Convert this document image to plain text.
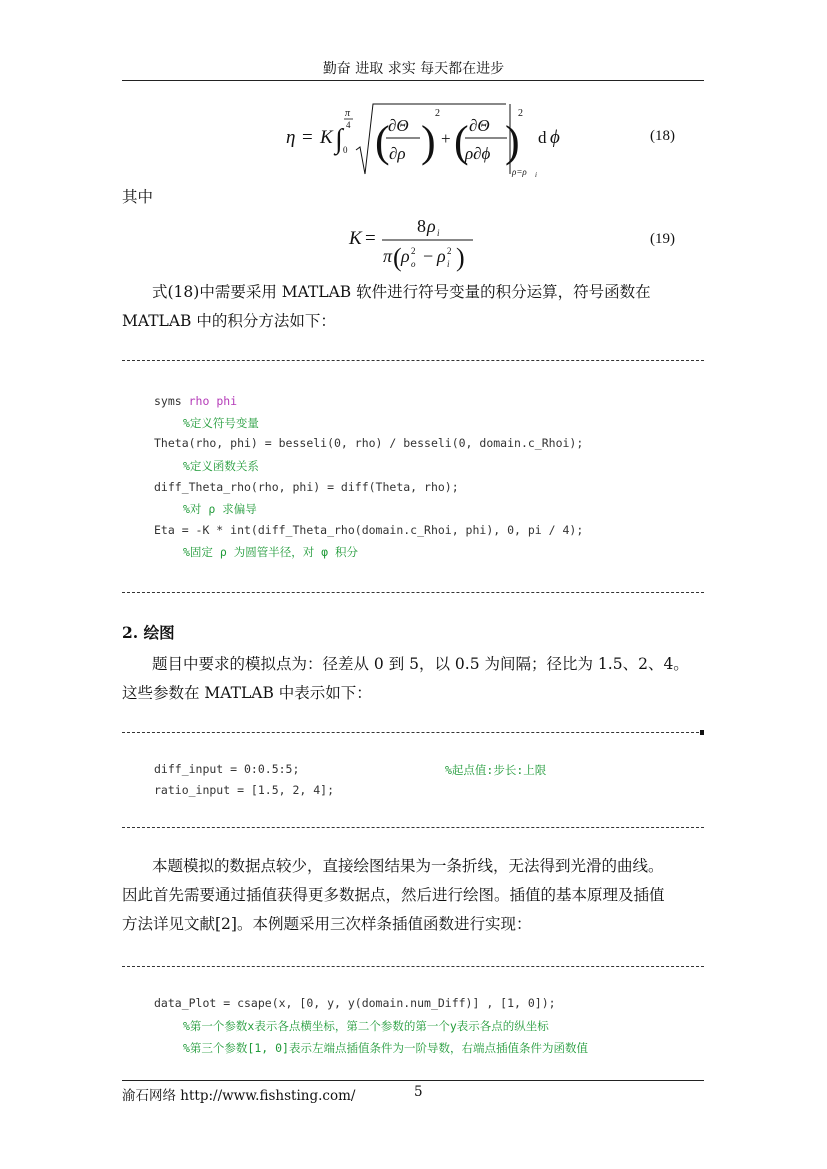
勤奋 进取 求实 每天都在进步
η = K ∫
π
4
0 (
∂Θ
∂ρ )
2
+ ( ∂Θ
ρ∂ϕ )
2
ρ=ρ i
d ϕ	(18)
其中
K =
8 ρ i
π ( ρ 2
o − ρ 2
i )
(19)
式(18)中需要采用 MATLAB 软件进行符号变量的积分运算，符号函数在
MATLAB 中的积分方法如下：
syms rho phi
%定义符号变量
Theta(rho, phi) = besseli(0, rho) / besseli(0, domain.c_Rhoi);
%定义函数关系
diff_Theta_rho(rho, phi) = diff(Theta, rho);
%对 ρ 求偏导
Eta = -K * int(diff_Theta_rho(domain.c_Rhoi, phi), 0, pi / 4);
%固定 ρ 为圆管半径，对 φ 积分
2. 绘图
题目中要求的模拟点为：径差从 0 到 5，以 0.5 为间隔；径比为 1.5、2、4。
这些参数在 MATLAB 中表示如下：
diff_input = 0:0.5:5;	%起点值:步长:上限
ratio_input = [1.5, 2, 4];
本题模拟的数据点较少，直接绘图结果为一条折线，无法得到光滑的曲线。
因此首先需要通过插值获得更多数据点，然后进行绘图。插值的基本原理及插值
方法详见文献[2]。本例题采用三次样条插值函数进行实现：
data_Plot = csape(x, [0, y, y(domain.num_Diff)] , [1, 0]);
%第一个参数x表示各点横坐标，第二个参数的第一个y表示各点的纵坐标
%第三个参数[1, 0]表示左端点插值条件为一阶导数，右端点插值条件为函数值
渝石网络 http://www.fishsting.com/	5
